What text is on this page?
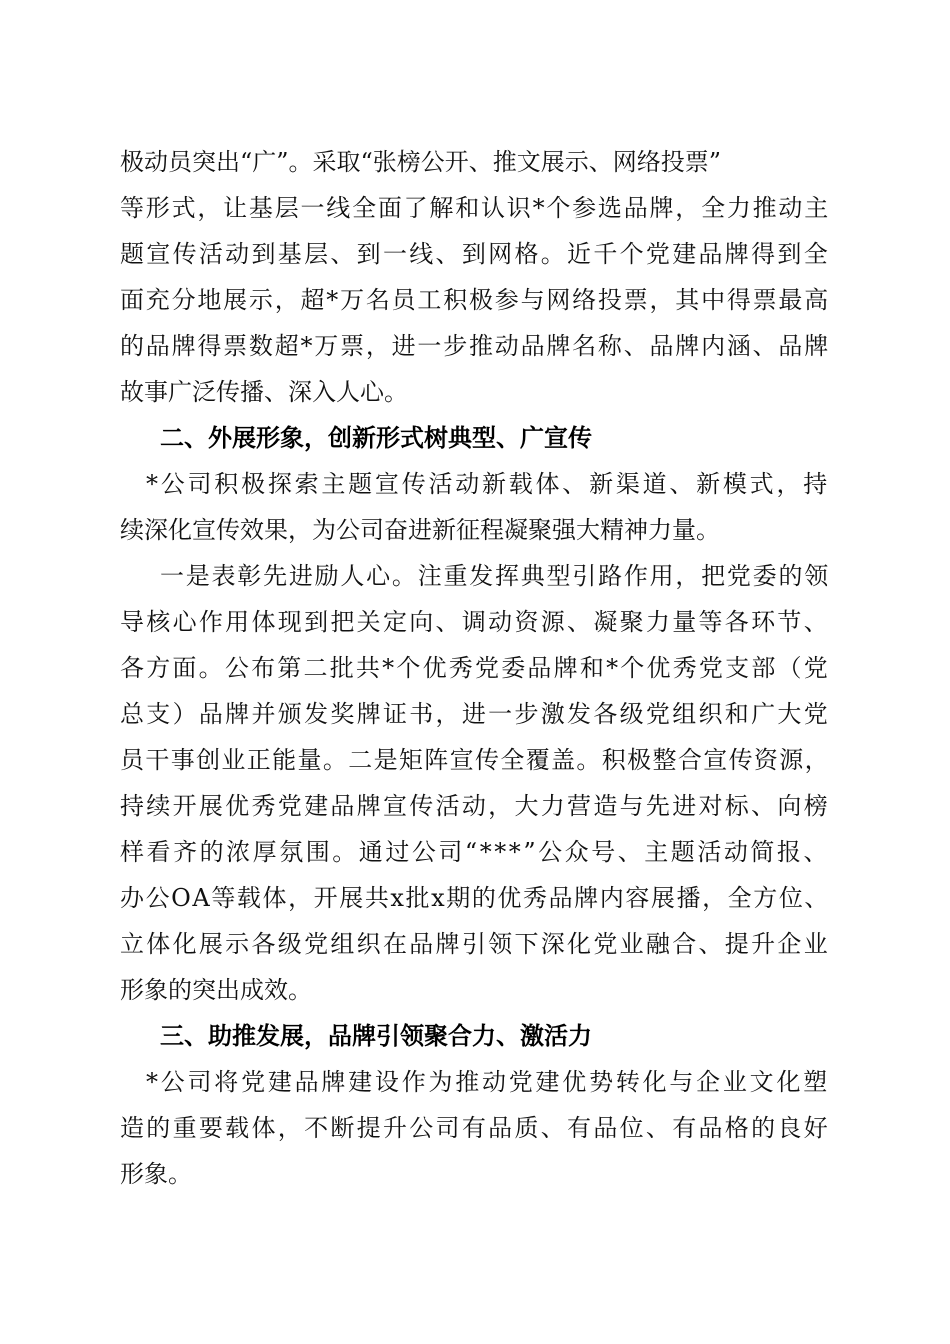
极动员突出“广”。采取“张榜公开、推文展示、网络投票”
等形式，让基层一线全面了解和认识*个参选品牌，全力推动主
题宣传活动到基层、到一线、到网格。近千个党建品牌得到全
面充分地展示，超*万名员工积极参与网络投票，其中得票最高
的品牌得票数超*万票，进一步推动品牌名称、品牌内涵、品牌
故事广泛传播、深入人心。
二、外展形象，创新形式树典型、广宣传
*公司积极探索主题宣传活动新载体、新渠道、新模式，持
续深化宣传效果，为公司奋进新征程凝聚强大精神力量。
一是表彰先进励人心。注重发挥典型引路作用，把党委的领
导核心作用体现到把关定向、调动资源、凝聚力量等各环节、
各方面。公布第二批共*个优秀党委品牌和*个优秀党支部（党
总支）品牌并颁发奖牌证书，进一步激发各级党组织和广大党
员干事创业正能量。二是矩阵宣传全覆盖。积极整合宣传资源，
持续开展优秀党建品牌宣传活动，大力营造与先进对标、向榜
样看齐的浓厚氛围。通过公司“***”公众号、主题活动简报、
办公OA等载体，开展共x批x期的优秀品牌内容展播，全方位、
立体化展示各级党组织在品牌引领下深化党业融合、提升企业
形象的突出成效。
三、助推发展，品牌引领聚合力、激活力
*公司将党建品牌建设作为推动党建优势转化与企业文化塑
造的重要载体，不断提升公司有品质、有品位、有品格的良好
形象。
